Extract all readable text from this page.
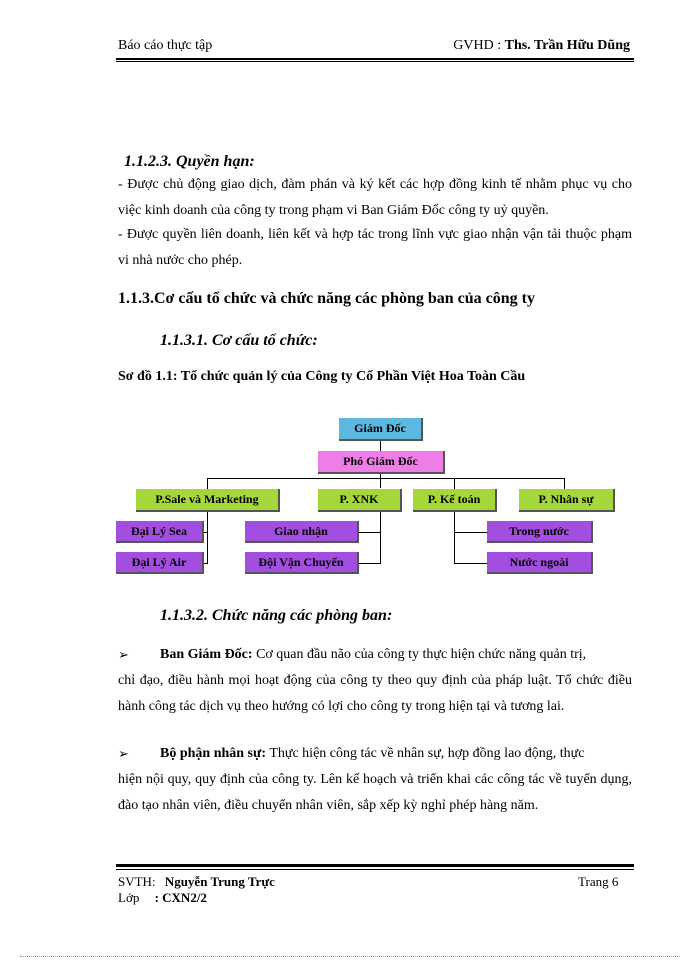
Báo cáo thực tập	GVHD : Ths. Trần Hữu Dũng
1.1.2.3. Quyền hạn:
- Được chủ động giao dịch, đàm phán và ký kết các hợp đồng kinh tế nhằm phục vụ cho việc kinh doanh của công ty trong phạm vi Ban Giám Đốc công ty uỷ quyền.
- Được quyền liên doanh, liên kết và hợp tác trong lĩnh vực giao nhận vận tải thuộc phạm vi nhà nước cho phép.
1.1.3.Cơ cấu tổ chức và chức năng các phòng ban của công ty
1.1.3.1. Cơ cấu tổ chức:
Sơ đồ 1.1: Tổ chức quản lý của Công ty Cổ Phần Việt Hoa Toàn Cầu
Giám Đốc
Phó Giám Đốc
P.Sale và Marketing	P. XNK	P. Kế toán	P. Nhân sự
Đại Lý Sea
Đại Lý Air
Giao nhận
Đội Vận Chuyển
Trong nước
Nước ngoài
1.1.3.2. Chức năng các phòng ban:
➢	Ban Giám Đốc: Cơ quan đầu não của công ty thực hiện chức năng quản trị,
chỉ đạo, điều hành mọi hoạt động của công ty theo quy định của pháp luật. Tổ chức điều hành công tác dịch vụ theo hướng có lợi cho công ty trong hiện tại và tương lai.
➢	Bộ phận nhân sự: Thực hiện công tác về nhân sự, hợp đồng lao động, thực
hiện nội quy, quy định của công ty. Lên kế hoạch và triển khai các công tác về tuyển dụng, đào tạo nhân viên, điều chuyển nhân viên, sắp xếp kỳ nghỉ phép hàng năm.
SVTH: Nguyễn Trung Trực
Lớp : CXN2/2
Trang 6
